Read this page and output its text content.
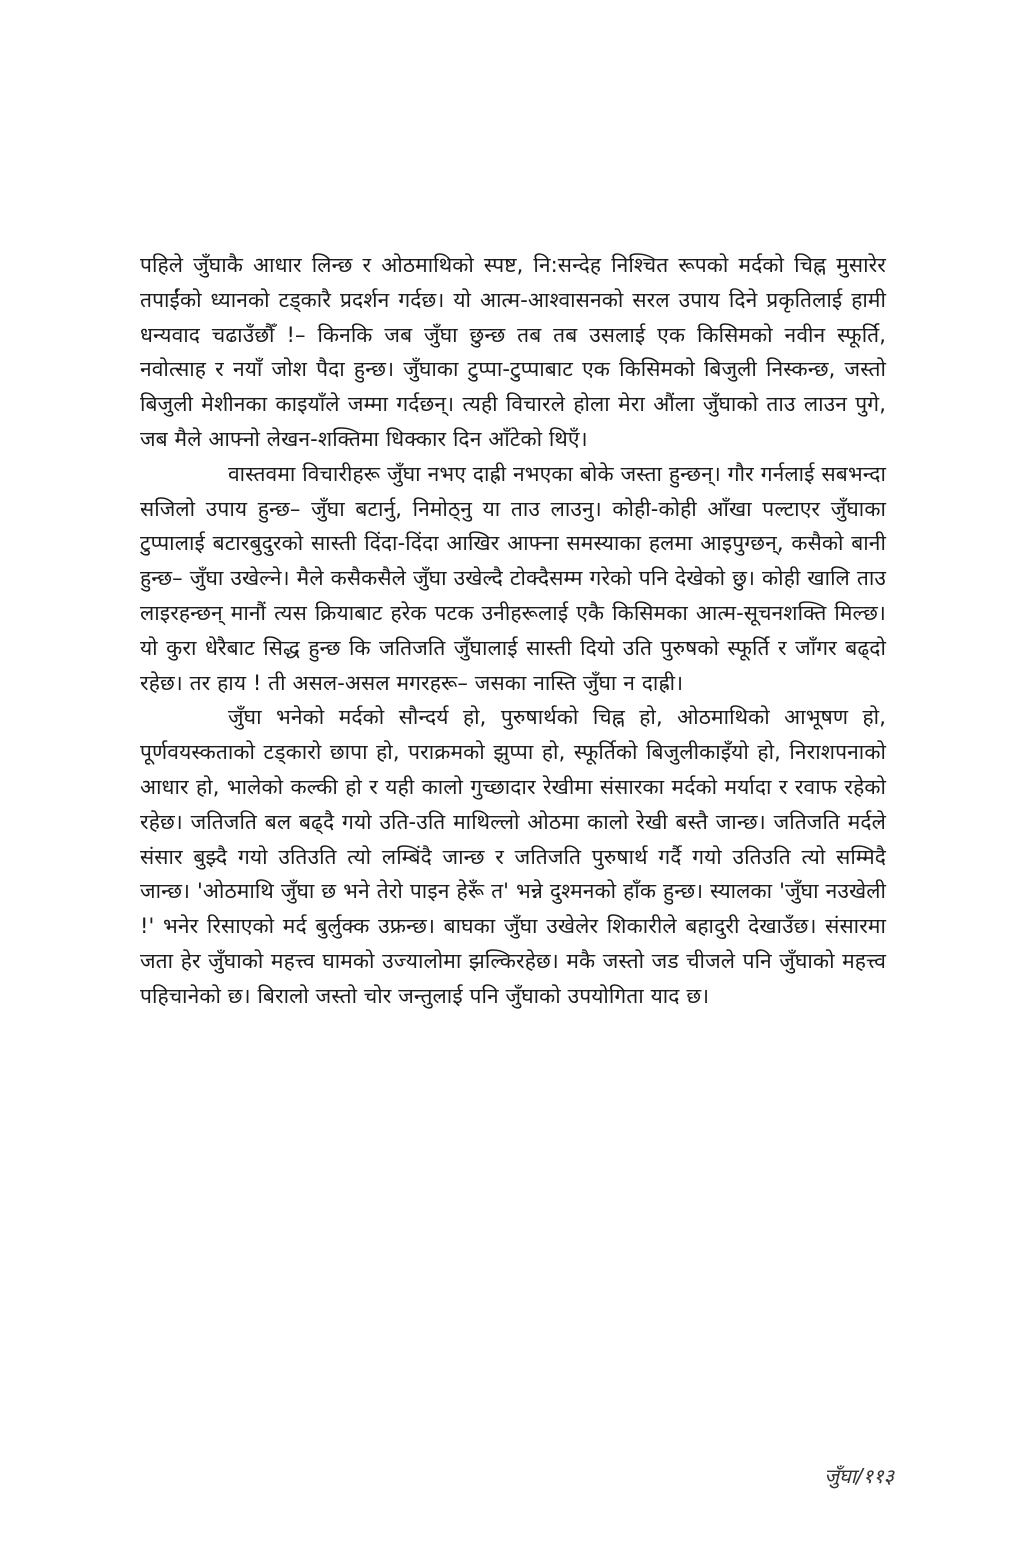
पहिले जुँघाकै आधार लिन्छ र ओठमाथिको स्पष्ट, नि:सन्देह निश्चित रूपको मर्दको चिह्न मुसारेर तपाईंको ध्यानको टड्कारै प्रदर्शन गर्दछ। यो आत्म-आश्वासनको सरल उपाय दिने प्रकृतिलाई हामी धन्यवाद चढाउँछौँ !– किनकि जब जुँघा छुन्छ तब तब उसलाई एक किसिमको नवीन स्फूर्ति, नवोत्साह र नयाँ जोश पैदा हुन्छ। जुँघाका टुप्पा-टुप्पाबाट एक किसिमको बिजुली निस्कन्छ, जस्तो बिजुली मेशीनका काइयाँले जम्मा गर्दछन्। त्यही विचारले होला मेरा औंला जुँघाको ताउ लाउन पुगे, जब मैले आफ्नो लेखन-शक्तिमा धिक्कार दिन आँटेको थिएँ।

वास्तवमा विचारीहरू जुँघा नभए दाह्री नभएका बोके जस्ता हुन्छन्। गौर गर्नलाई सबभन्दा सजिलो उपाय हुन्छ– जुँघा बटार्नु, निमोठ्नु या ताउ लाउनु। कोही-कोही आँखा पल्टाएर जुँघाका टुप्पालाई बटारबुदुरको सास्ती दिंदा-दिंदा आखिर आफ्ना समस्याका हलमा आइपुग्छन्, कसैको बानी हुन्छ– जुँघा उखेल्ने। मैले कसैकसैले जुँघा उखेल्दै टोक्दैसम्म गरेको पनि देखेको छु। कोही खालि ताउ लाइरहन्छन् मानौं त्यस क्रियाबाट हरेक पटक उनीहरूलाई एकै किसिमका आत्म-सूचनशक्ति मिल्छ। यो कुरा धेरैबाट सिद्ध हुन्छ कि जतिजति जुँघालाई सास्ती दियो उति पुरुषको स्फूर्ति र जाँगर बढ्दो रहेछ। तर हाय ! ती असल-असल मगरहरू– जसका नास्ति जुँघा न दाह्री।

जुँघा भनेको मर्दको सौन्दर्य हो, पुरुषार्थको चिह्न हो, ओठमाथिको आभूषण हो, पूर्णवयस्कताको टड्कारो छापा हो, पराक्रमको झुप्पा हो, स्फूर्तिको बिजुलीकाइँयो हो, निराशपनाको आधार हो, भालेको कल्की हो र यही कालो गुच्छादार रेखीमा संसारका मर्दको मर्यादा र रवाफ रहेको रहेछ। जतिजति बल बढ्दै गयो उति-उति माथिल्लो ओठमा कालो रेखी बस्तै जान्छ। जतिजति मर्दले संसार बुझ्दै गयो उतिउति त्यो लम्बिंदै जान्छ र जतिजति पुरुषार्थ गर्दै गयो उतिउति त्यो सम्मिदै जान्छ। 'ओठमाथि जुँघा छ भने तेरो पाइन हेरूँ त' भन्ने दुश्मनको हाँक हुन्छ। स्यालका 'जुँघा नउखेली !' भनेर रिसाएको मर्द बुर्लुक्क उफ्रन्छ। बाघका जुँघा उखेलेर शिकारीले बहादुरी देखाउँछ। संसारमा जता हेर जुँघाको महत्त्व घामको उज्यालोमा झल्किरहेछ। मकै जस्तो जड चीजले पनि जुँघाको महत्त्व पहिचानेको छ। बिरालो जस्तो चोर जन्तुलाई पनि जुँघाको उपयोगिता याद छ।

जुँघा/११३
